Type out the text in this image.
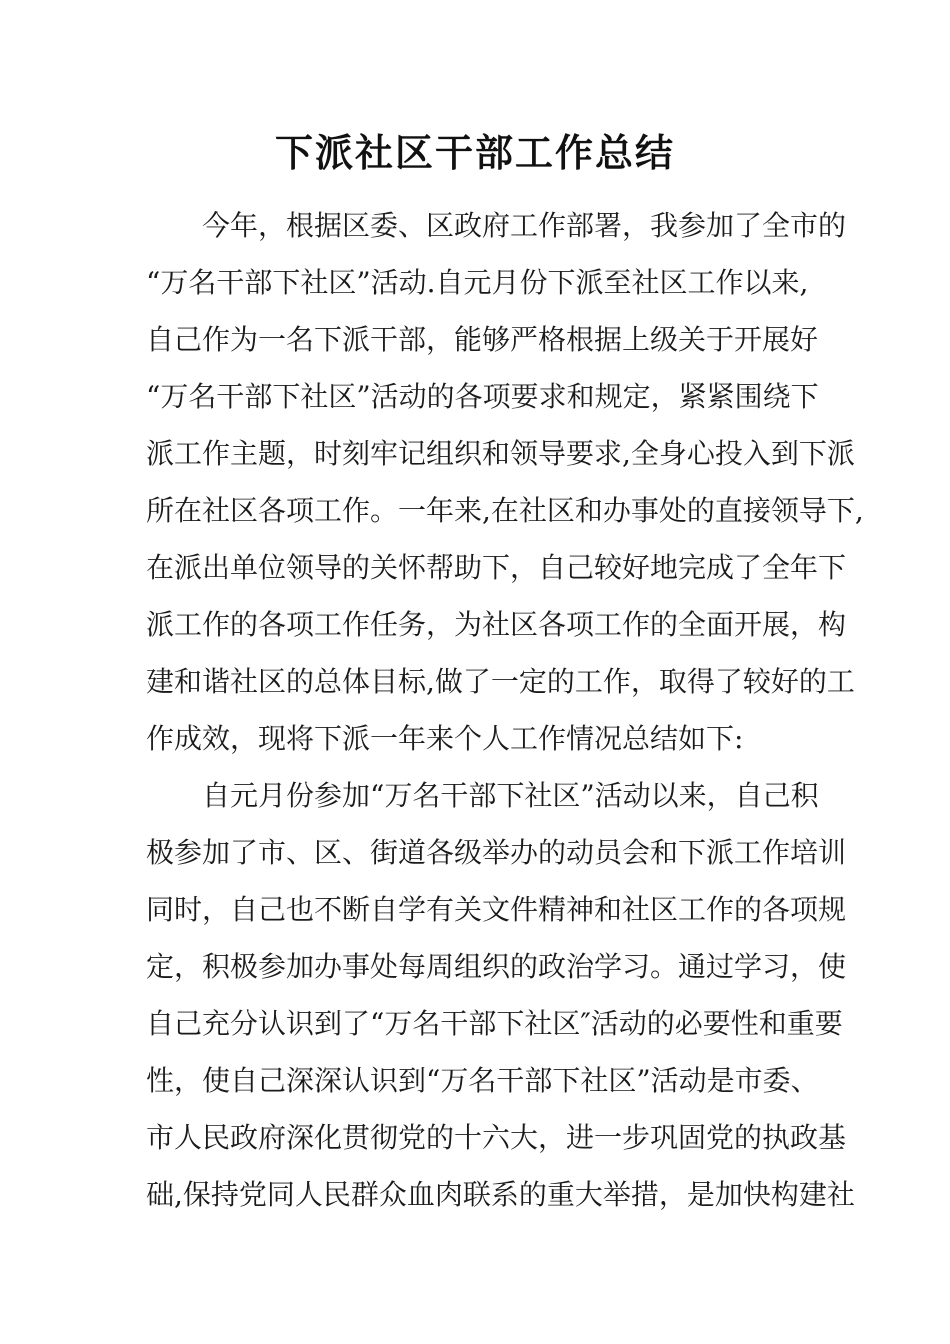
下派社区干部工作总结
　　今年，根据区委、区政府工作部署，我参加了全市的
“万名干部下社区”活动.自元月份下派至社区工作以来,
自己作为一名下派干部，能够严格根据上级关于开展好
“万名干部下社区”活动的各项要求和规定，紧紧围绕下
派工作主题，时刻牢记组织和领导要求,全身心投入到下派
所在社区各项工作。一年来,在社区和办事处的直接领导下,
在派出单位领导的关怀帮助下，自己较好地完成了全年下
派工作的各项工作任务，为社区各项工作的全面开展，构
建和谐社区的总体目标,做了一定的工作，取得了较好的工
作成效，现将下派一年来个人工作情况总结如下:
　　自元月份参加“万名干部下社区”活动以来，自己积
极参加了市、区、街道各级举办的动员会和下派工作培训
同时，自己也不断自学有关文件精神和社区工作的各项规
定，积极参加办事处每周组织的政治学习。通过学习，使
自己充分认识到了“万名干部下社区″活动的必要性和重要
性，使自己深深认识到“万名干部下社区”活动是市委、
市人民政府深化贯彻党的十六大，进一步巩固党的执政基
础,保持党同人民群众血肉联系的重大举措，是加快构建社
